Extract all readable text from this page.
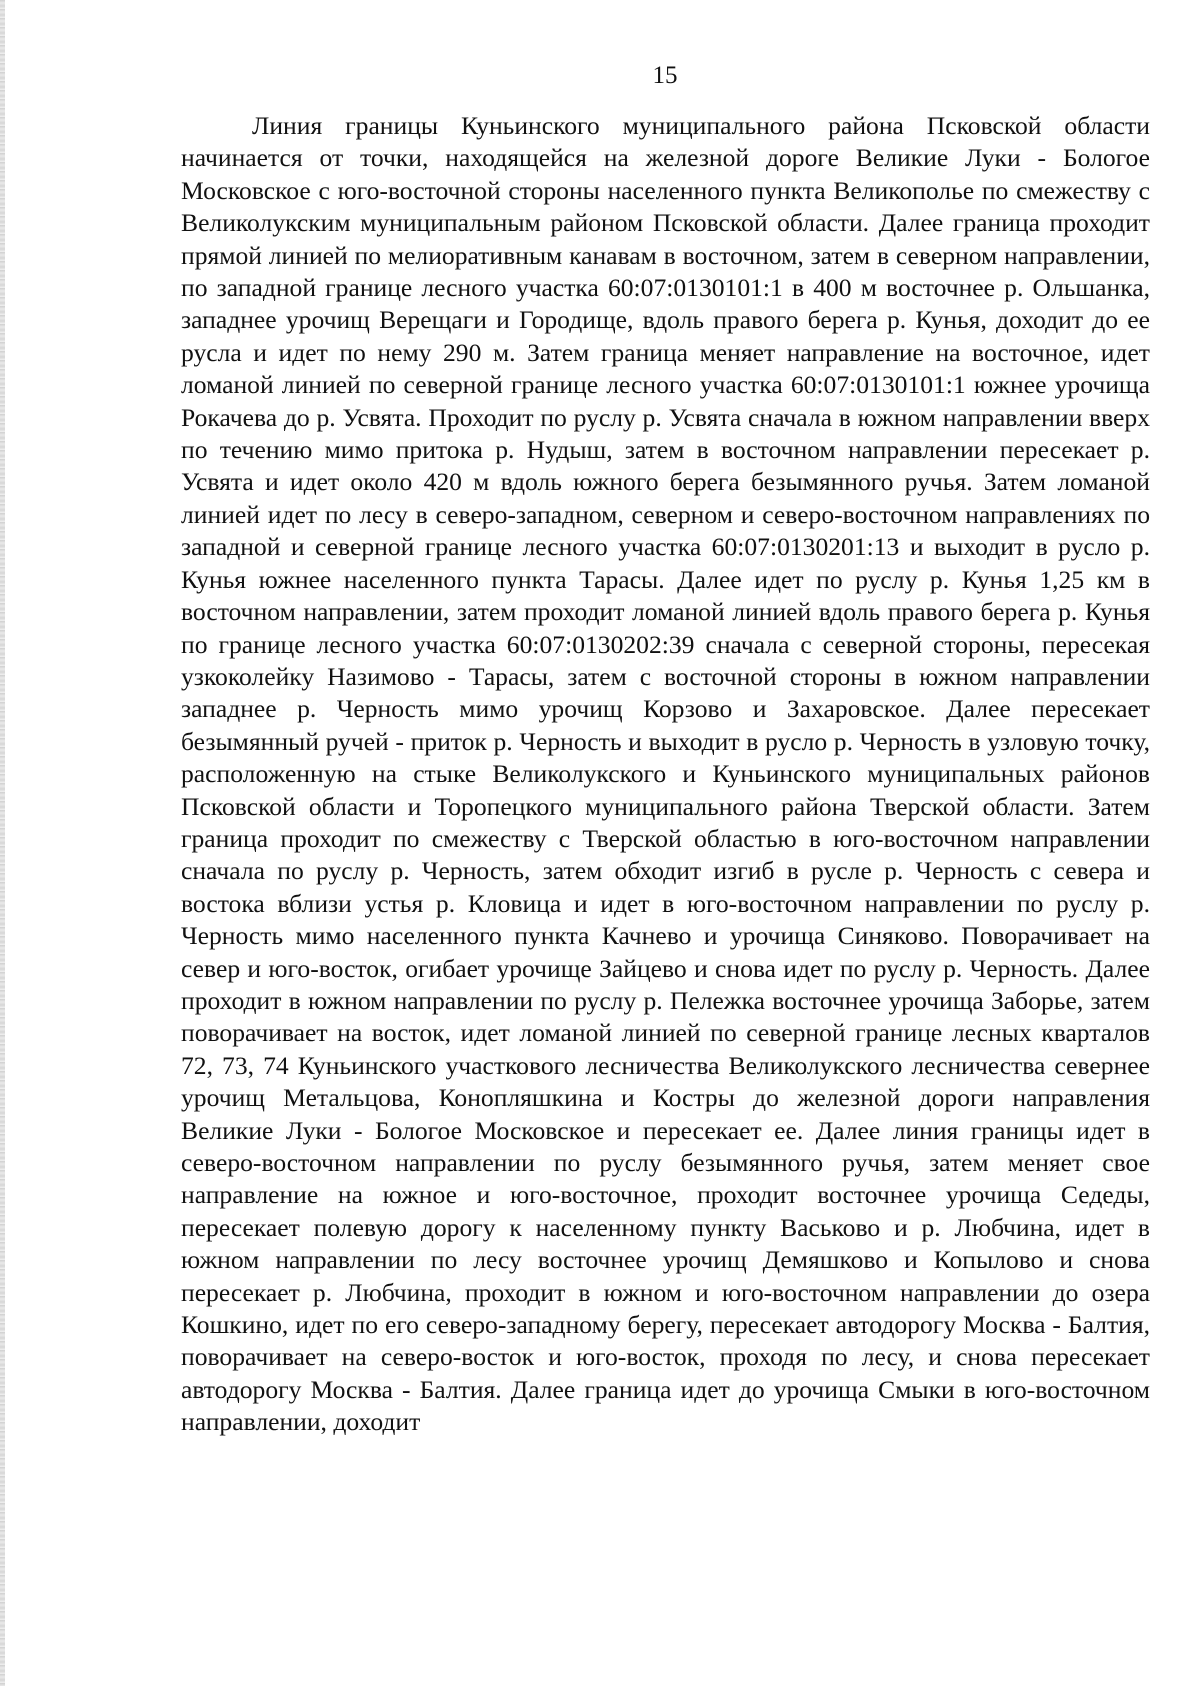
15

Линия границы Куньинского муниципального района Псковской области начинается от точки, находящейся на железной дороге Великие Луки - Бологое Московское с юго-восточной стороны населенного пункта Великополье по смежеству с Великолукским муниципальным районом Псковской области. Далее граница проходит прямой линией по мелиоративным канавам в восточном, затем в северном направлении, по западной границе лесного участка 60:07:0130101:1 в 400 м восточнее р. Ольшанка, западнее урочищ Верещаги и Городище, вдоль правого берега р. Кунья, доходит до ее русла и идет по нему 290 м. Затем граница меняет направление на восточное, идет ломаной линией по северной границе лесного участка 60:07:0130101:1 южнее урочища Рокачева до р. Усвята. Проходит по руслу р. Усвята сначала в южном направлении вверх по течению мимо притока р. Нудыш, затем в восточном направлении пересекает р. Усвята и идет около 420 м вдоль южного берега безымянного ручья. Затем ломаной линией идет по лесу в северо-западном, северном и северо-восточном направлениях по западной и северной границе лесного участка 60:07:0130201:13 и выходит в русло р. Кунья южнее населенного пункта Тарасы. Далее идет по руслу р. Кунья 1,25 км в восточном направлении, затем проходит ломаной линией вдоль правого берега р. Кунья по границе лесного участка 60:07:0130202:39 сначала с северной стороны, пересекая узкоколейку Назимово - Тарасы, затем с восточной стороны в южном направлении западнее р. Черность мимо урочищ Корзово и Захаровское. Далее пересекает безымянный ручей - приток р. Черность и выходит в русло р. Черность в узловую точку, расположенную на стыке Великолукского и Куньинского муниципальных районов Псковской области и Торопецкого муниципального района Тверской области. Затем граница проходит по смежеству с Тверской областью в юго-восточном направлении сначала по руслу р. Черность, затем обходит изгиб в русле р. Черность с севера и востока вблизи устья р. Кловица и идет в юго-восточном направлении по руслу р. Черность мимо населенного пункта Качнево и урочища Синяково. Поворачивает на север и юго-восток, огибает урочище Зайцево и снова идет по руслу р. Черность. Далее проходит в южном направлении по руслу р. Пележка восточнее урочища Заборье, затем поворачивает на восток, идет ломаной линией по северной границе лесных кварталов 72, 73, 74 Куньинского участкового лесничества Великолукского лесничества севернее урочищ Метальцова, Конопляшкина и Костры до железной дороги направления Великие Луки - Бологое Московское и пересекает ее. Далее линия границы идет в северо-восточном направлении по руслу безымянного ручья, затем меняет свое направление на южное и юго-восточное, проходит восточнее урочища Седеды, пересекает полевую дорогу к населенному пункту Васьково и р. Любчина, идет в южном направлении по лесу восточнее урочищ Демяшково и Копылово и снова пересекает р. Любчина, проходит в южном и юго-восточном направлении до озера Кошкино, идет по его северо-западному берегу, пересекает автодорогу Москва - Балтия, поворачивает на северо-восток и юго-восток, проходя по лесу, и снова пересекает автодорогу Москва - Балтия. Далее граница идет до урочища Смыки в юго-восточном направлении, доходит
